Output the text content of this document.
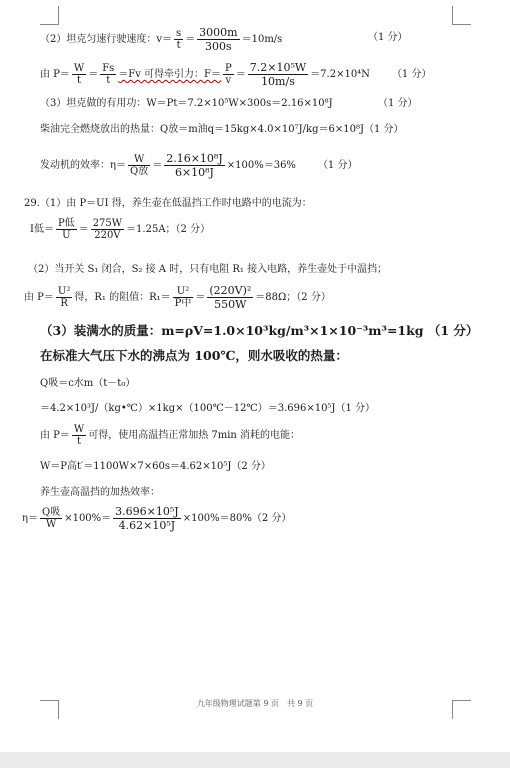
（2）坦克匀速行驶速度：$v= \frac{s}{t} = \frac{3000m}{300s} =10m/s$	（1 分）
由 $P= \frac{W}{t} = \frac{Fs}{t} =Fv$ 可得牵引力：$F= \frac{P}{v} = \frac{\text{7.2×10⁵W}}{10m/s} =7.2\times 10^4N$ （1 分）
（3）坦克做的有用功：W＝Pt＝7.2×10⁵W×300s＝2.16×10⁸J	（1 分）
柴油完全燃烧放出的热量：Q放＝m油q＝15kg×4.0×10⁷J/kg＝6×10⁸J（1 分）
发动机的效率：η＝
W
Q放
＝ $\frac{\text{2.16×10⁸J}}{\text{6×10⁸J}} \times 100\%=36\%$ （1 分）
29.（1）由 P＝UI 得，养生壶在低温挡工作时电路中的电流为：
I低＝
P低
U
＝ $\frac{275W}{220V} =1.25A$；（2 分）
（2）当开关 S₁ 闭合，S₂ 接 A 时，只有电阻 R₁ 接入电路，养生壶处于中温挡；
由 $P= \frac{\text{U²}}{R}$ 得，R₁ 的阻值：R₁＝
U²
P中
＝ $\frac{\text{(220V)²}}{550W} =88\Omega$；（2 分）
（3）装满水的质量：m=ρV=1.0×10³kg/m³×1×10⁻³m³=1kg （1 分）
在标准大气压下水的沸点为 100℃，则水吸收的热量：
Q吸＝c水m（t－t₀）
＝4.2×10³J/（kg•℃）×1kg×（100℃－12℃）＝3.696×10⁵J（1 分）
由 $P= \frac{W}{t}$ 可得，使用高温挡正常加热 7min 消耗的电能：
W＝P高t′＝1100W×7×60s＝4.62×10⁵J（2 分）
养生壶高温挡的加热效率：
η＝
Q吸
W
$\times 100\%= \frac{\text{3.696×10⁵J}}{\text{4.62×10⁵J}} \times 100\%=80\%(2$ 分）
九年级物理试题第 9 页　共 9 页
